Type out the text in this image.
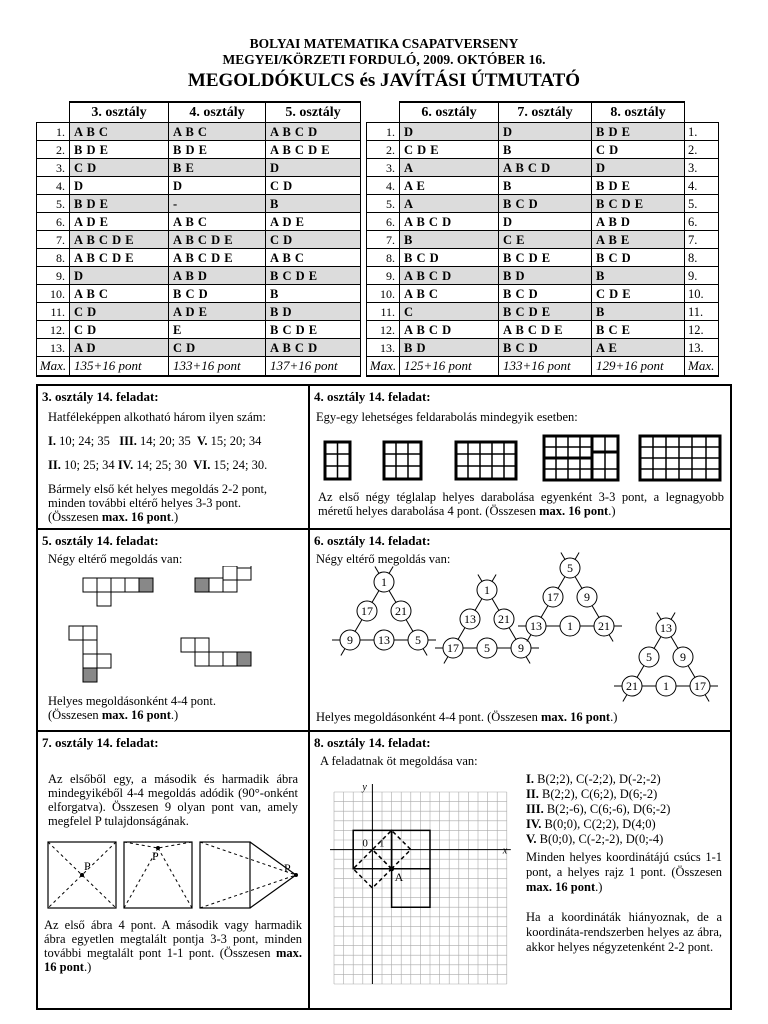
BOLYAI MATEMATIKA CSAPATVERSENY
MEGYEI/KÖRZETI FORDULÓ, 2009. OKTÓBER 16.
MEGOLDÓKULCS és JAVÍTÁSI ÚTMUTATÓ
	3. osztály	4. osztály	5. osztály
1.	A B C	A B C	A B C D
2.	B D E	B D E	A B C D E
3.	C D	B E	D
4.	D	D	C D
5.	B D E	-	B
6.	A D E	A B C	A D E
7.	A B C D E	A B C D E	C D
8.	A B C D E	A B C D E	A B C
9.	D	A B D	B C D E
10.	A B C	B C D	B
11.	C D	A D E	B D
12.	C D	E	B C D E
13.	A D	C D	A B C D
Max.	135+16 pont	133+16 pont	137+16 pont
	6. osztály	7. osztály	8. osztály	
1.	D	D	B D E	1.
2.	C D E	B	C D	2.
3.	A	A B C D	D	3.
4.	A E	B	B D E	4.
5.	A	B C D	B C D E	5.
6.	A B C D	D	A B D	6.
7.	B	C E	A B E	7.
8.	B C D	B C D E	B C D	8.
9.	A B C D	B D	B	9.
10.	A B C	B C D	C D E	10.
11.	C	B C D E	B	11.
12.	A B C D	A B C D E	B C E	12.
13.	B D	B C D	A E	13.
Max.	125+16 pont	133+16 pont	129+16 pont	Max.
3. osztály 14. feladat:
Hatféleképpen alkotható három ilyen szám:
I. 10; 24; 35 III. 14; 20; 35 V. 15; 20; 34
II. 10; 25; 34 IV. 14; 25; 30 VI. 15; 24; 30.
Bármely első két helyes megoldás 2-2 pont, minden további eltérő helyes 3-3 pont.
(Összesen max. 16 pont.)
4. osztály 14. feladat:
Egy-egy lehetséges feldarabolás mindegyik esetben:
Az első négy téglalap helyes darabolása egyenként 3-3 pont, a legnagyobb méretű helyes darabolása 4 pont. (Összesen max. 16 pont.)
5. osztály 14. feladat:
Négy eltérő megoldás van:
Helyes megoldásonként 4-4 pont.
(Összesen max. 16 pont.)
6. osztály 14. feladat:
Négy eltérő megoldás van:
1
17 21
9 13 5
1
13 21
17 5 9
5
17 9
13 1 21	13
5 9
21 1 17
Helyes megoldásonként 4-4 pont. (Összesen max. 16 pont.)
7. osztály 14. feladat:
Az elsőből egy, a második és harmadik ábra mindegyikéből 4-4 megoldás adódik (90°-onként elforgatva). Összesen 9 olyan pont van, amely megfelel P tulajdonságának.
P
P
P
Az első ábra 4 pont. A második vagy harmadik ábra egyetlen megtalált pontja 3-3 pont, minden további megtalált pont 1-1 pont. (Összesen max. 16 pont.)
8. osztály 14. feladat:
A feladatnak öt megoldása van:
A
0 1
x
y
I. B(2;2), C(-2;2), D(-2;-2)
II. B(2;2), C(6;2), D(6;-2)
III. B(2;-6), C(6;-6), D(6;-2)
IV. B(0;0), C(2;2), D(4;0)
V. B(0;0), C(-2;-2), D(0;-4)
Minden helyes koordinátájú csúcs 1-1 pont, a helyes rajz 1 pont. (Összesen max. 16 pont.)
Ha a koordináták hiányoznak, de a koordináta-rendszerben helyes az ábra, akkor helyes négyzetenként 2-2 pont.
